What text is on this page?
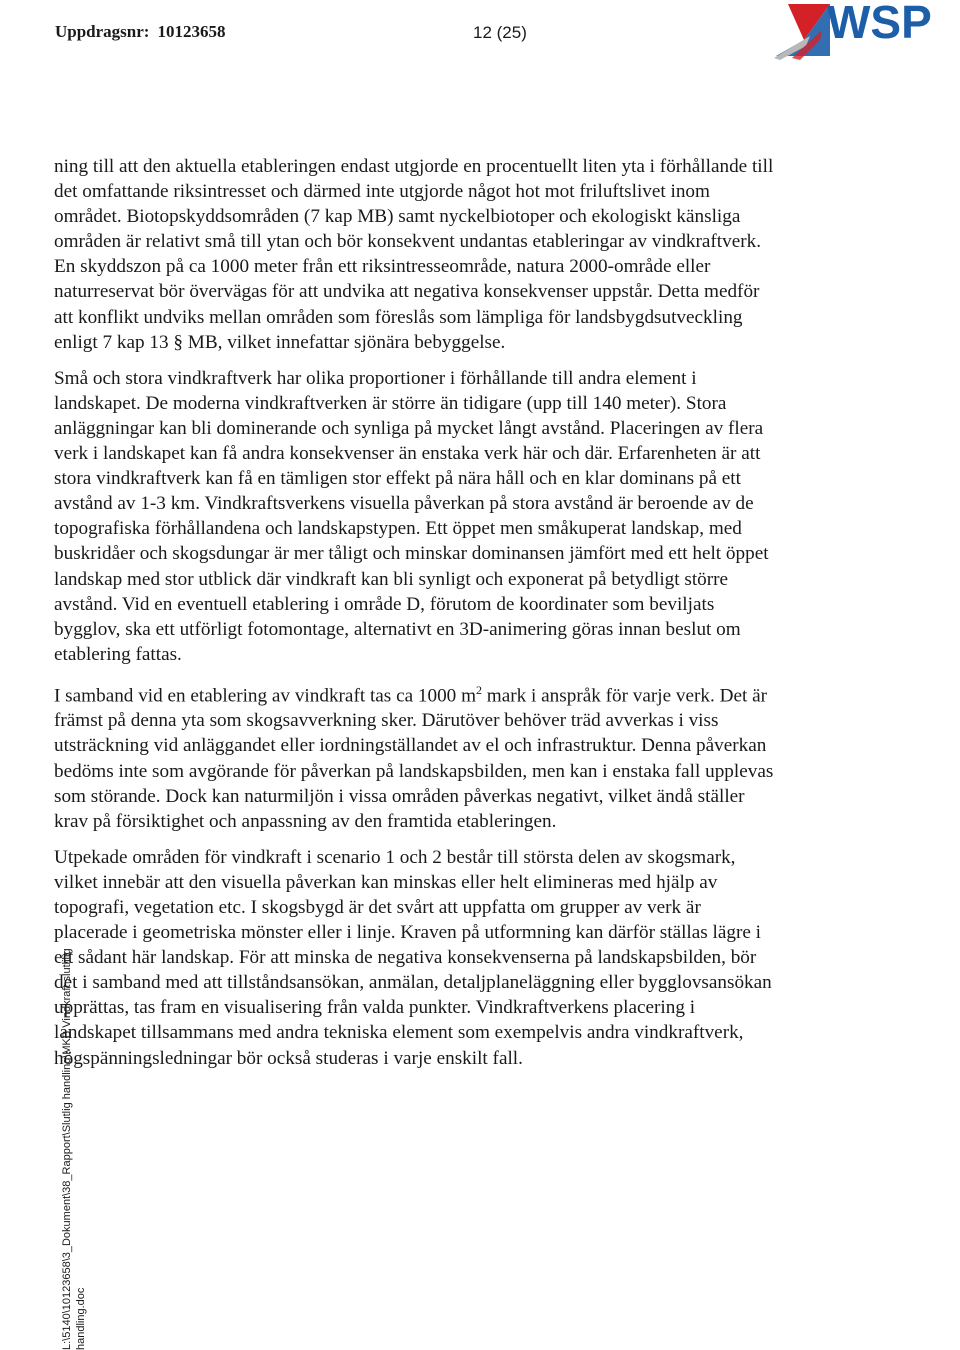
Uppdragsnr: 10123658	12 (25)	WSP

ning till att den aktuella etableringen endast utgjorde en procentuellt liten yta i förhållande till det omfattande riksintresset och därmed inte utgjorde något hot mot friluftslivet inom området. Biotopskyddsområden (7 kap MB) samt nyckelbiotoper och ekologiskt känsliga områden är relativt små till ytan och bör konsekvent undantas etableringar av vindkraftverk. En skyddszon på ca 1000 meter från ett riksintresseområde, natura 2000-område eller naturreservat bör övervägas för att undvika att negativa konsekvenser uppstår. Detta medför att konflikt undviks mellan områden som föreslås som lämpliga för landsbygdsutveckling enligt 7 kap 13 § MB, vilket innefattar sjönära bebyggelse.

Små och stora vindkraftverk har olika proportioner i förhållande till andra element i landskapet. De moderna vindkraftverken är större än tidigare (upp till 140 meter). Stora anläggningar kan bli dominerande och synliga på mycket långt avstånd. Placeringen av flera verk i landskapet kan få andra konsekvenser än enstaka verk här och där. Erfarenheten är att stora vindkraftverk kan få en tämligen stor effekt på nära håll och en klar dominans på ett avstånd av 1-3 km. Vindkraftsverkens visuella påverkan på stora avstånd är beroende av de topografiska förhållandena och landskapstypen. Ett öppet men småkuperat landskap, med buskridåer och skogsdungar är mer tåligt och minskar dominansen jämfört med ett helt öppet landskap med stor utblick där vindkraft kan bli synligt och exponerat på betydligt större avstånd. Vid en eventuell etablering i område D, förutom de koordinater som beviljats bygglov, ska ett utförligt fotomontage, alternativt en 3D-animering göras innan beslut om etablering fattas.

I samband vid en etablering av vindkraft tas ca 1000 $m^2$ mark i anspråk för varje verk. Det är främst på denna yta som skogsavverkning sker. Därutöver behöver träd avverkas i viss utsträckning vid anläggandet eller iordningställandet av el och infrastruktur. Denna påverkan bedöms inte som avgörande för påverkan på landskapsbilden, men kan i enstaka fall upplevas som störande. Dock kan naturmiljön i vissa områden påverkas negativt, vilket ändå ställer krav på försiktighet och anpassning av den framtida etableringen.

Utpekade områden för vindkraft i scenario 1 och 2 består till största delen av skogsmark, vilket innebär att den visuella påverkan kan minskas eller helt elimineras med hjälp av topografi, vegetation etc. I skogsbygd är det svårt att uppfatta om grupper av verk är placerade i geometriska mönster eller i linje. Kraven på utformning kan därför ställas lägre i ett sådant här landskap. För att minska de negativa konsekvenserna på landskapsbilden, bör det i samband med att tillståndsansökan, anmälan, detaljplaneläggning eller bygglovsansökan upprättas, tas fram en visualisering från valda punkter. Vindkraftverkens placering i landskapet tillsammans med andra tekniska element som exempelvis andra vindkraftverk, högspänningsledningar bör också studeras i varje enskilt fall.

L:\5140\10123658\3_Dokument\38_Rapport\Slutlig handling\MKB Vindkraft slutlilig handling.doc
